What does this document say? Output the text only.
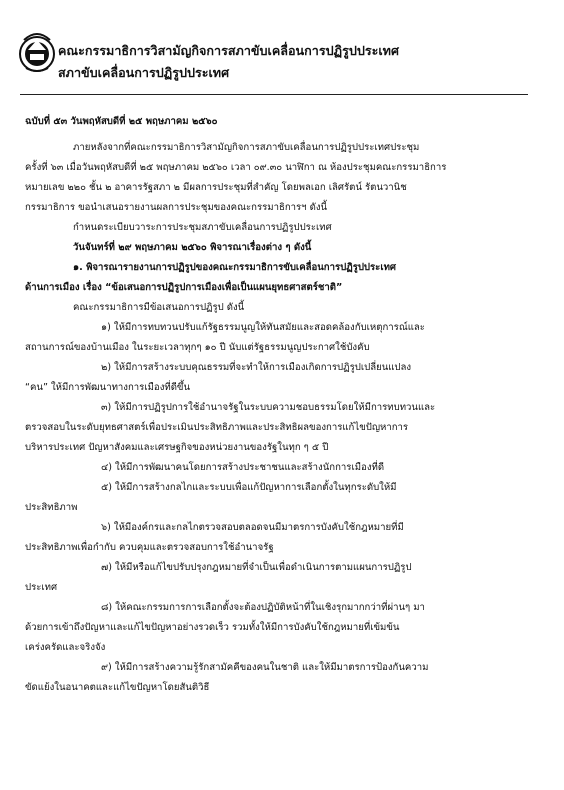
คณะกรรมาธิการวิสามัญกิจการสภาขับเคลื่อนการปฏิรูปประเทศ
สภาขับเคลื่อนการปฏิรูปประเทศ
ฉบับที่ ๕๓ วันพฤหัสบดีที่ ๒๕ พฤษภาคม ๒๕๖๐
ภายหลังจากที่คณะกรรมาธิการวิสามัญกิจการสภาขับเคลื่อนการปฏิรูปประเทศประชุม
ครั้งที่ ๖๓ เมื่อวันพฤหัสบดีที่ ๒๕ พฤษภาคม ๒๕๖๐ เวลา ๐๙.๓๐ นาฬิกา ณ ห้องประชุมคณะกรรมาธิการ
หมายเลข ๒๒๐ ชั้น ๒ อาคารรัฐสภา ๒ มีผลการประชุมที่สำคัญ โดยพลเอก เลิศรัตน์ รัตนวานิช
กรรมาธิการ ขอนำเสนอรายงานผลการประชุมของคณะกรรมาธิการฯ ดังนี้
กำหนดระเบียบวาระการประชุมสภาขับเคลื่อนการปฏิรูปประเทศ
วันจันทร์ที่ ๒๙ พฤษภาคม ๒๕๖๐ พิจารณาเรื่องต่าง ๆ ดังนี้
๑. พิจารณารายงานการปฏิรูปของคณะกรรมาธิการขับเคลื่อนการปฏิรูปประเทศ
ด้านการเมือง เรื่อง “ข้อเสนอการปฏิรูปการเมืองเพื่อเป็นแผนยุทธศาสตร์ชาติ”
คณะกรรมาธิการมีข้อเสนอการปฏิรูป ดังนี้
๑) ให้มีการทบทวนปรับแก้รัฐธรรมนูญให้ทันสมัยและสอดคล้องกับเหตุการณ์และ
สถานการณ์ของบ้านเมือง ในระยะเวลาทุกๆ ๑๐ ปี นับแต่รัฐธรรมนูญประกาศใช้บังคับ
๒) ให้มีการสร้างระบบคุณธรรมที่จะทำให้การเมืองเกิดการปฏิรูปเปลี่ยนแปลง
“คน” ให้มีการพัฒนาทางการเมืองที่ดีขึ้น
๓) ให้มีการปฏิรูปการใช้อำนาจรัฐในระบบความชอบธรรมโดยให้มีการทบทวนและ
ตรวจสอบในระดับยุทธศาสตร์เพื่อประเมินประสิทธิภาพและประสิทธิผลของการแก้ไขปัญหาการ
บริหารประเทศ ปัญหาสังคมและเศรษฐกิจของหน่วยงานของรัฐในทุก ๆ ๕ ปี
๔) ให้มีการพัฒนาคนโดยการสร้างประชาชนและสร้างนักการเมืองที่ดี
๕) ให้มีการสร้างกลไกและระบบเพื่อแก้ปัญหาการเลือกตั้งในทุกระดับให้มี
ประสิทธิภาพ
๖) ให้มีองค์กรและกลไกตรวจสอบตลอดจนมีมาตรการบังคับใช้กฎหมายที่มี
ประสิทธิภาพเพื่อกำกับ ควบคุมและตรวจสอบการใช้อำนาจรัฐ
๗) ให้มีหรือแก้ไขปรับปรุงกฎหมายที่จำเป็นเพื่อดำเนินการตามแผนการปฏิรูป
ประเทศ
๘) ให้คณะกรรมการการเลือกตั้งจะต้องปฏิบัติหน้าที่ในเชิงรุกมากกว่าที่ผ่านๆ มา
ด้วยการเข้าถึงปัญหาและแก้ไขปัญหาอย่างรวดเร็ว รวมทั้งให้มีการบังคับใช้กฎหมายที่เข้มข้น
เคร่งครัดและจริงจัง
๙) ให้มีการสร้างความรู้รักสามัคคีของคนในชาติ และให้มีมาตรการป้องกันความ
ขัดแย้งในอนาคตและแก้ไขปัญหาโดยสันติวิธี
